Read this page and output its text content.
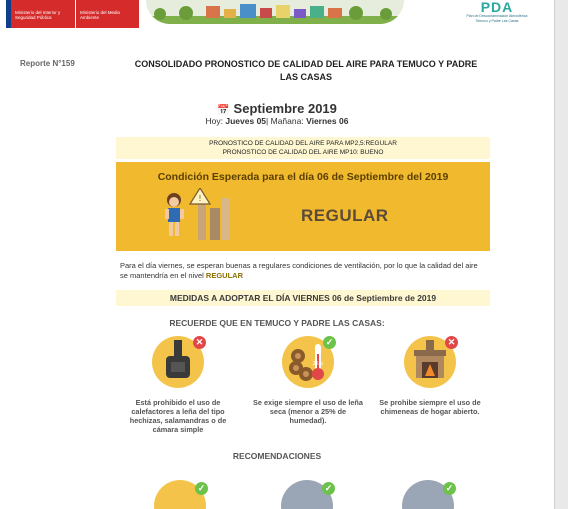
Ministerio del Interior y Seguridad Pública
Ministerio del Medio Ambiente
PDA
Plan de Descontaminación Atmosférica
Temuco y Padre Las Casas
Reporte N°159	CONSOLIDADO PRONOSTICO DE CALIDAD DEL AIRE PARA TEMUCO Y PADRE LAS CASAS
📅 Septiembre 2019
Hoy: Jueves 05| Mañana: Viernes 06
PRONOSTICO DE CALIDAD DEL AIRE PARA MP2,5:REGULAR
PRONOSTICO DE CALIDAD DEL AIRE MP10: BUENO
Condición Esperada para el día 06 de Septiembre del 2019
!
REGULAR
Para el día viernes, se esperan buenas a regulares condiciones de ventilación, por lo que la calidad del aire se mantendría en el nivel REGULAR
MEDIDAS A ADOPTAR EL DÍA VIERNES 06 de Septiembre de 2019
RECUERDE QUE EN TEMUCO Y PADRE LAS CASAS:
✕
Está prohibido el uso de calefactores a leña del tipo hechizas, salamandras o de cámara simple
25%
✓
Se exige siempre el uso de leña seca (menor a 25% de humedad).
✕
Se prohibe siempre el uso de chimeneas de hogar abierto.
RECOMENDACIONES
✓	✓	✓
